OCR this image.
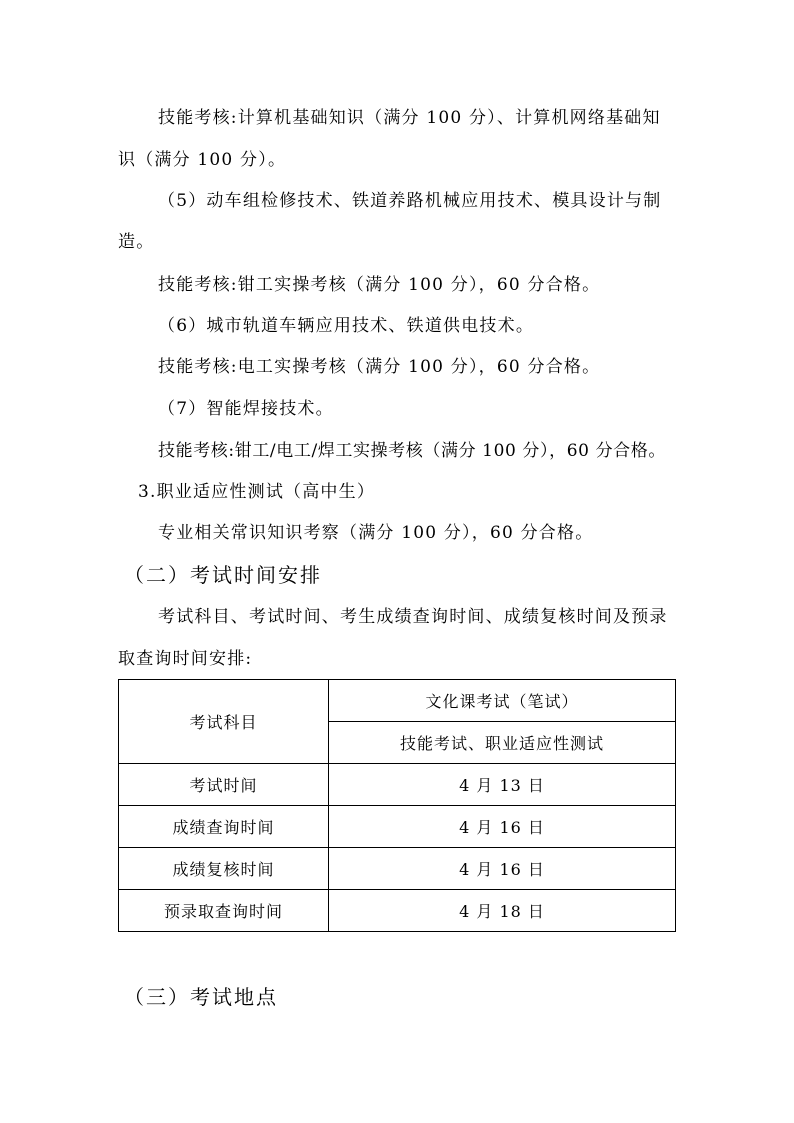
技能考核:计算机基础知识（满分 100 分）、计算机网络基础知
识（满分 100 分）。
（5）动车组检修技术、铁道养路机械应用技术、模具设计与制
造。
技能考核:钳工实操考核（满分 100 分），60 分合格。
（6）城市轨道车辆应用技术、铁道供电技术。
技能考核:电工实操考核（满分 100 分），60 分合格。
（7）智能焊接技术。
技能考核:钳工/电工/焊工实操考核（满分 100 分），60 分合格。
3.职业适应性测试（高中生）
专业相关常识知识考察（满分 100 分），60 分合格。
（二）考试时间安排
考试科目、考试时间、考生成绩查询时间、成绩复核时间及预录
取查询时间安排:
考试科目	文化课考试（笔试）
	技能考试、职业适应性测试
考试时间	4 月 13 日
成绩查询时间	4 月 16 日
成绩复核时间	4 月 16 日
预录取查询时间	4 月 18 日
（三）考试地点
